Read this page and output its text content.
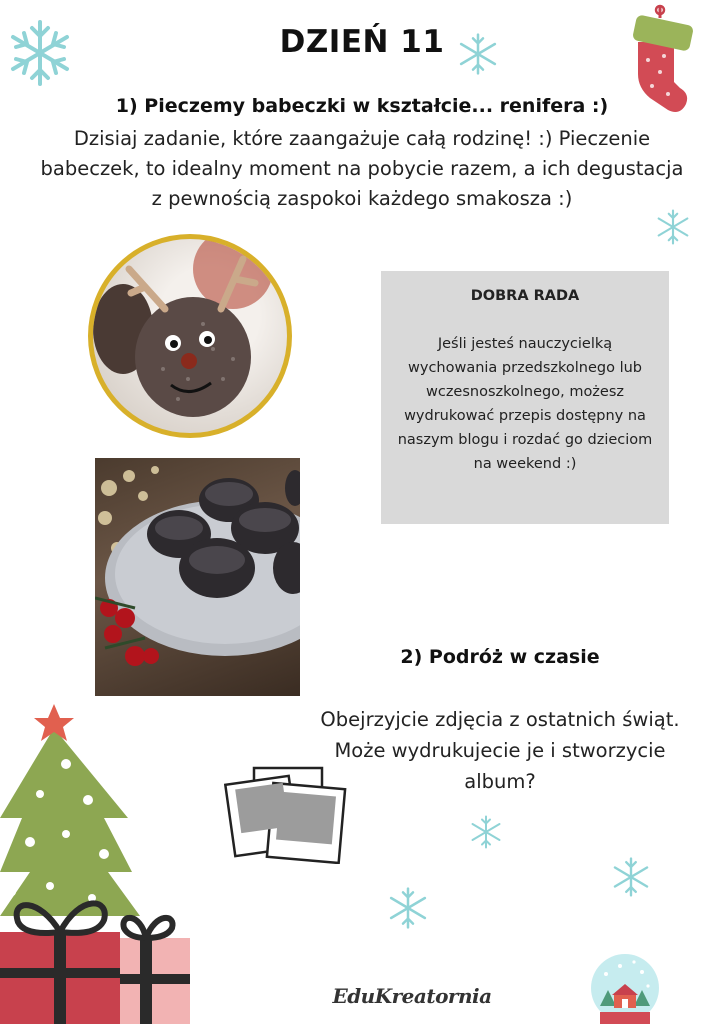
DZIEŃ 11
1) Pieczemy babeczki w kształcie... renifera :)
Dzisiaj zadanie, które zaangażuje całą rodzinę! :) Pieczenie babeczek, to idealny moment na pobycie razem, a ich degustacja z pewnością zaspokoi każdego smakosza :)
DOBRA RADA
Jeśli jesteś nauczycielką wychowania przedszkolnego lub wczesnoszkolnego, możesz wydrukować przepis dostępny na naszym blogu i rozdać go dzieciom na weekend :)
2) Podróż w czasie
Obejrzyjcie zdjęcia z ostatnich świąt. Może wydrukujecie je i stworzycie album?
EduKreatornia
